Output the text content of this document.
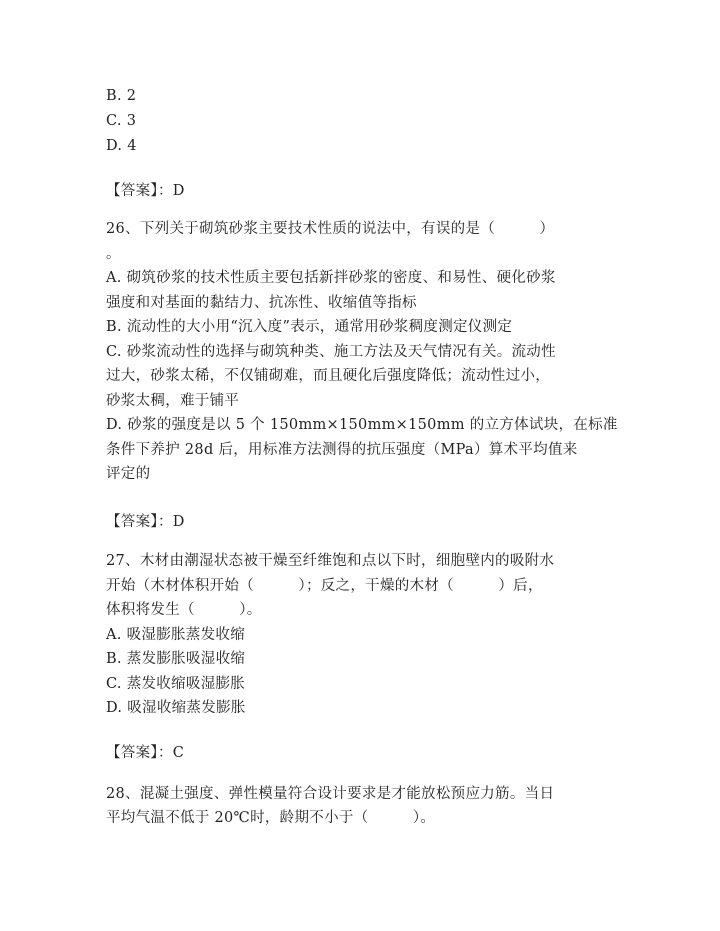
B. 2
C. 3
D. 4
【答案】：D
26、下列关于砌筑砂浆主要技术性质的说法中，有误的是（　　　）
。
A. 砌筑砂浆的技术性质主要包括新拌砂浆的密度、和易性、硬化砂浆
强度和对基面的黏结力、抗冻性、收缩值等指标
B. 流动性的大小用“沉入度”表示，通常用砂浆稠度测定仪测定
C. 砂浆流动性的选择与砌筑种类、施工方法及天气情况有关。流动性
过大，砂浆太稀，不仅铺砌难，而且硬化后强度降低；流动性过小，
砂浆太稠，难于铺平
D. 砂浆的强度是以 5 个 150mm×150mm×150mm 的立方体试块，在标准
条件下养护 28d 后，用标准方法测得的抗压强度（MPa）算术平均值来
评定的
【答案】：D
27、木材由潮湿状态被干燥至纤维饱和点以下时，细胞壁内的吸附水
开始（木材体积开始（　　　）；反之，干燥的木材（　　　）后，
体积将发生（　　　）。
A. 吸湿膨胀蒸发收缩
B. 蒸发膨胀吸湿收缩
C. 蒸发收缩吸湿膨胀
D. 吸湿收缩蒸发膨胀
【答案】：C
28、混凝土强度、弹性模量符合设计要求是才能放松预应力筋。当日
平均气温不低于 20℃时，龄期不小于（　　　）。
